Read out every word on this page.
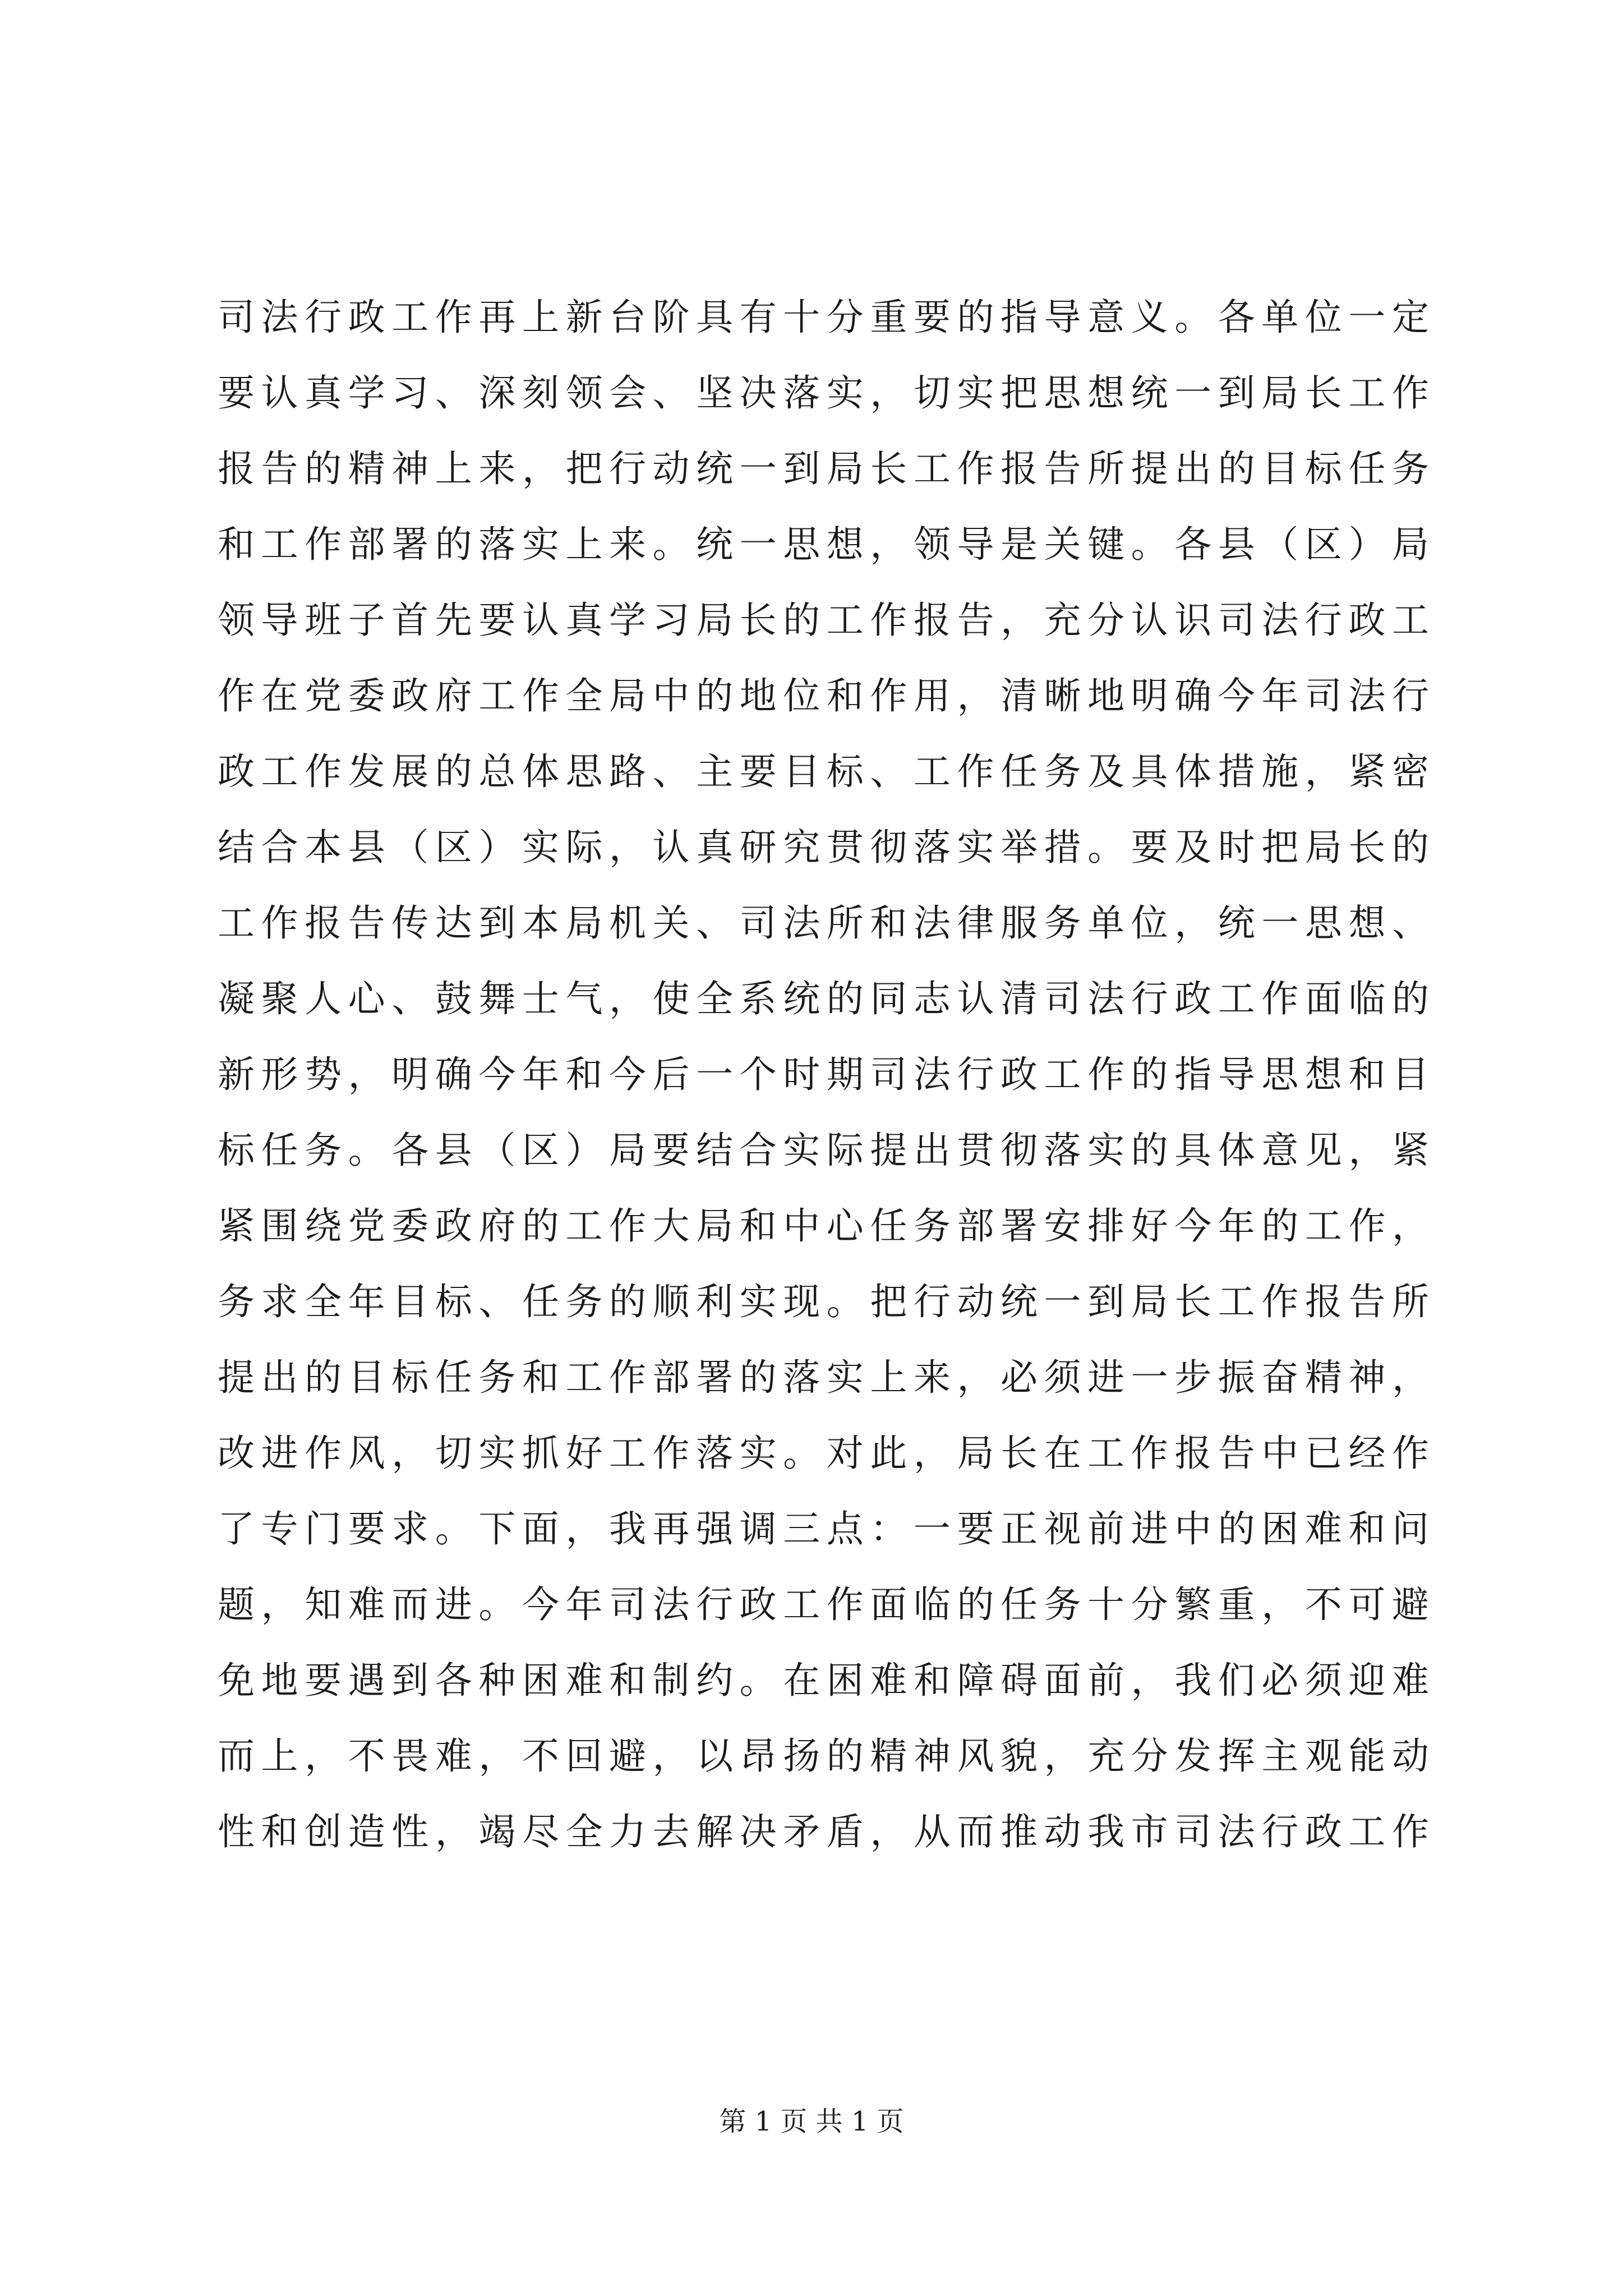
司法行政工作再上新台阶具有十分重要的指导意义。各单位一定
要认真学习、深刻领会、坚决落实，切实把思想统一到局长工作
报告的精神上来，把行动统一到局长工作报告所提出的目标任务
和工作部署的落实上来。统一思想，领导是关键。各县（区）局
领导班子首先要认真学习局长的工作报告，充分认识司法行政工
作在党委政府工作全局中的地位和作用，清晰地明确今年司法行
政工作发展的总体思路、主要目标、工作任务及具体措施，紧密
结合本县（区）实际，认真研究贯彻落实举措。要及时把局长的
工作报告传达到本局机关、司法所和法律服务单位，统一思想、
凝聚人心、鼓舞士气，使全系统的同志认清司法行政工作面临的
新形势，明确今年和今后一个时期司法行政工作的指导思想和目
标任务。各县（区）局要结合实际提出贯彻落实的具体意见，紧
紧围绕党委政府的工作大局和中心任务部署安排好今年的工作，
务求全年目标、任务的顺利实现。把行动统一到局长工作报告所
提出的目标任务和工作部署的落实上来，必须进一步振奋精神，
改进作风，切实抓好工作落实。对此，局长在工作报告中已经作
了专门要求。下面，我再强调三点：一要正视前进中的困难和问
题，知难而进。今年司法行政工作面临的任务十分繁重，不可避
免地要遇到各种困难和制约。在困难和障碍面前，我们必须迎难
而上，不畏难，不回避，以昂扬的精神风貌，充分发挥主观能动
性和创造性，竭尽全力去解决矛盾，从而推动我市司法行政工作
第 1 页 共 1 页
